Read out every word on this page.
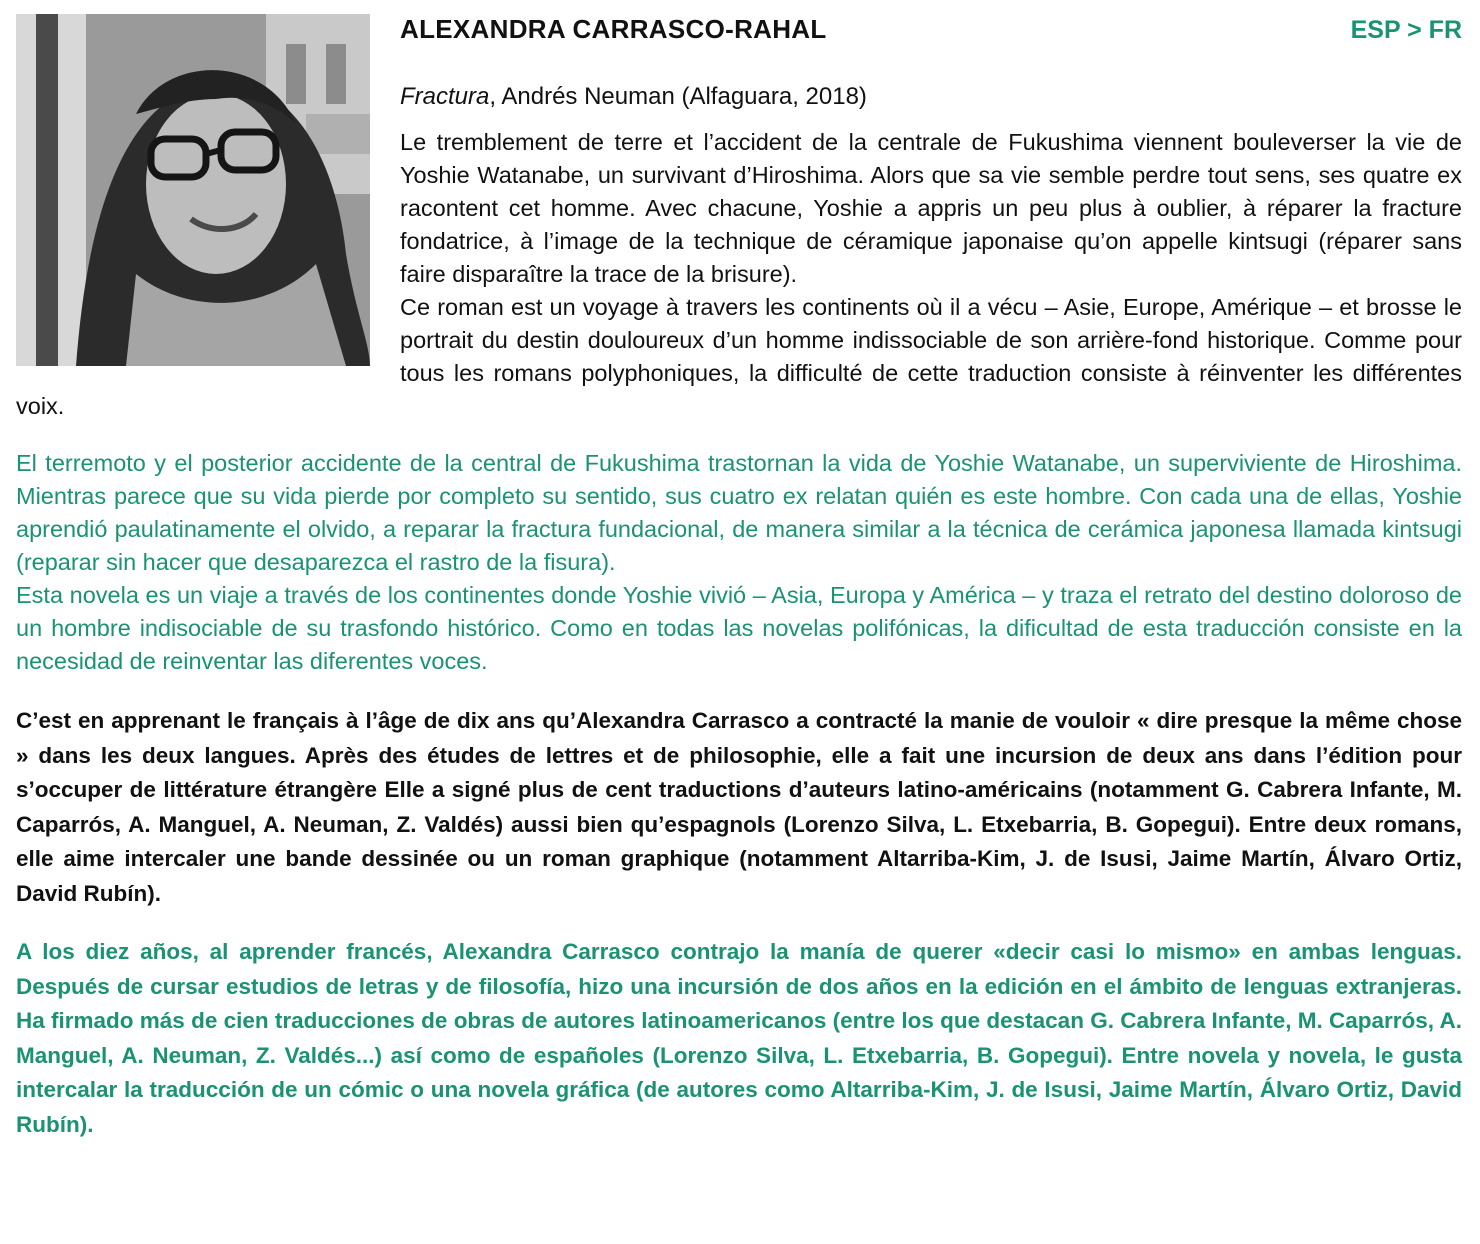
ALEXANDRA CARRASCO-RAHAL	ESP > FR
Fractura, Andrés Neuman (Alfaguara, 2018)

Le tremblement de terre et l’accident de la centrale de Fukushima viennent bouleverser la vie de Yoshie Watanabe, un survivant d’Hiroshima. Alors que sa vie semble perdre tout sens, ses quatre ex racontent cet homme. Avec chacune, Yoshie a appris un peu plus à oublier, à réparer la fracture fondatrice, à l’image de la technique de céramique japonaise qu’on appelle kintsugi (réparer sans faire disparaître la trace de la brisure).

Ce roman est un voyage à travers les continents où il a vécu – Asie, Europe, Amérique – et brosse le portrait du destin douloureux d’un homme indissociable de son arrière-fond historique. Comme pour tous les romans polyphoniques, la difficulté de cette traduction consiste à réinventer les différentes voix.

El terremoto y el posterior accidente de la central de Fukushima trastornan la vida de Yoshie Watanabe, un superviviente de Hiroshima. Mientras parece que su vida pierde por completo su sentido, sus cuatro ex relatan quién es este hombre. Con cada una de ellas, Yoshie aprendió paulatinamente el olvido, a reparar la fractura fundacional, de manera similar a la técnica de cerámica japonesa llamada kintsugi (reparar sin hacer que desaparezca el rastro de la fisura).

Esta novela es un viaje a través de los continentes donde Yoshie vivió – Asia, Europa y América – y traza el retrato del destino doloroso de un hombre indisociable de su trasfondo histórico. Como en todas las novelas polifónicas, la dificultad de esta traducción consiste en la necesidad de reinventar las diferentes voces.

C’est en apprenant le français à l’âge de dix ans qu’Alexandra Carrasco a contracté la manie de vouloir « dire presque la même chose » dans les deux langues. Après des études de lettres et de philosophie, elle a fait une incursion de deux ans dans l’édition pour s’occuper de littérature étrangère Elle a signé plus de cent traductions d’auteurs latino-américains (notamment G. Cabrera Infante, M. Caparrós, A. Manguel, A. Neuman, Z. Valdés) aussi bien qu’espagnols (Lorenzo Silva, L. Etxebarria, B. Gopegui). Entre deux romans, elle aime intercaler une bande dessinée ou un roman graphique (notamment Altarriba-Kim, J. de Isusi, Jaime Martín, Álvaro Ortiz, David Rubín).
A los diez años, al aprender francés, Alexandra Carrasco contrajo la manía de querer «decir casi lo mismo» en ambas lenguas. Después de cursar estudios de letras y de filosofía, hizo una incursión de dos años en la edición en el ámbito de lenguas extranjeras. Ha firmado más de cien traducciones de obras de autores latinoamericanos (entre los que destacan G. Cabrera Infante, M. Caparrós, A. Manguel, A. Neuman, Z. Valdés...) así como de españoles (Lorenzo Silva, L. Etxebarria, B. Gopegui). Entre novela y novela, le gusta intercalar la traducción de un cómic o una novela gráfica (de autores como Altarriba-Kim, J. de Isusi, Jaime Martín, Álvaro Ortiz, David Rubín).
